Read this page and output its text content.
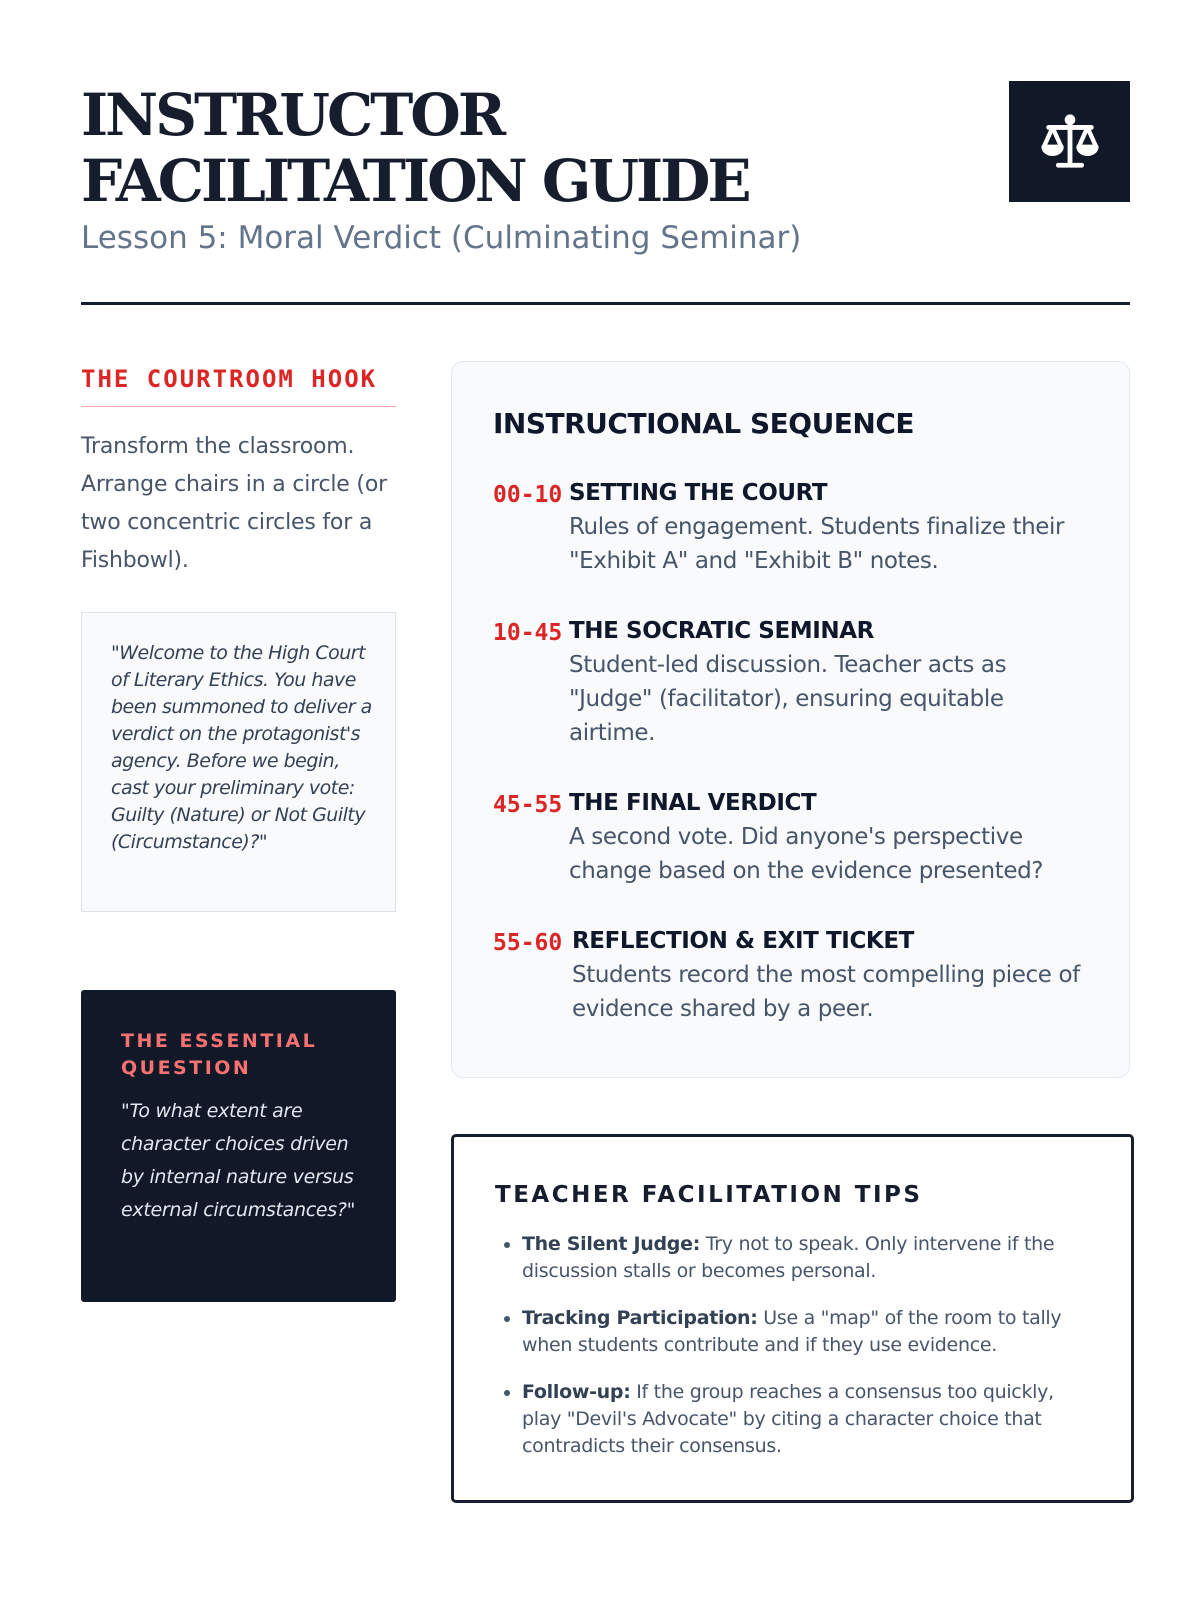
INSTRUCTOR FACILITATION GUIDE
Lesson 5: Moral Verdict (Culminating Seminar)
THE COURTROOM HOOK

Transform the classroom. Arrange chairs in a circle (or two concentric circles for a Fishbowl).

"Welcome to the High Court of Literary Ethics. You have been summoned to deliver a verdict on the protagonist's agency. Before we begin, cast your preliminary vote: Guilty (Nature) or Not Guilty (Circumstance)?"

THE ESSENTIAL QUESTION

"To what extent are character choices driven by internal nature versus external circumstances?"

INSTRUCTIONAL SEQUENCE
00-10 SETTING THE COURT

Rules of engagement. Students finalize their "Exhibit A" and "Exhibit B" notes.

10-45 THE SOCRATIC SEMINAR

Student-led discussion. Teacher acts as "Judge" (facilitator), ensuring equitable airtime.

45-55 THE FINAL VERDICT

A second vote. Did anyone's perspective change based on the evidence presented?

55-60 REFLECTION & EXIT TICKET

Students record the most compelling piece of evidence shared by a peer.

TEACHER FACILITATION TIPS
• The Silent Judge: Try not to speak. Only intervene if the discussion stalls or becomes personal.
• Tracking Participation: Use a "map" of the room to tally when students contribute and if they use evidence.
• Follow-up: If the group reaches a consensus too quickly, play "Devil's Advocate" by citing a character choice that contradicts their consensus.
